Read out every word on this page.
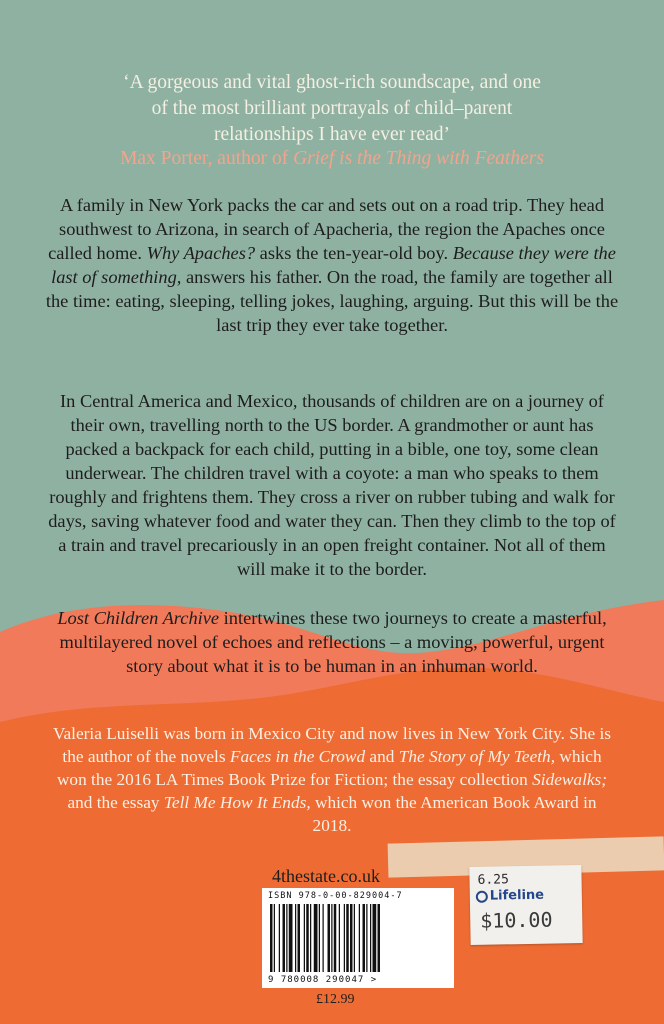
‘A gorgeous and vital ghost-rich soundscape, and one
of the most brilliant portrayals of child–parent
relationships I have ever read’
Max Porter, author of Grief is the Thing with Feathers

A family in New York packs the car and sets out on a road trip. They head southwest to Arizona, in search of Apacheria, the region the Apaches once called home. Why Apaches? asks the ten-year-old boy. Because they were the last of something, answers his father. On the road, the family are together all the time: eating, sleeping, telling jokes, laughing, arguing. But this will be the last trip they ever take together.

In Central America and Mexico, thousands of children are on a journey of their own, travelling north to the US border. A grandmother or aunt has packed a backpack for each child, putting in a bible, one toy, some clean underwear. The children travel with a coyote: a man who speaks to them roughly and frightens them. They cross a river on rubber tubing and walk for days, saving whatever food and water they can. Then they climb to the top of a train and travel precariously in an open freight container. Not all of them will make it to the border.

Lost Children Archive intertwines these two journeys to create a masterful, multilayered novel of echoes and reflections – a moving, powerful, urgent story about what it is to be human in an inhuman world.

Valeria Luiselli was born in Mexico City and now lives in New York City. She is the author of the novels Faces in the Crowd and The Story of My Teeth, which won the 2016 LA Times Book Prize for Fiction; the essay collection Sidewalks; and the essay Tell Me How It Ends, which won the American Book Award in 2018.
4thestate.co.uk
ISBN 978-0-00-829004-7
9 780008 290047 >
£12.99
6.25
Lifeline
$10.00
